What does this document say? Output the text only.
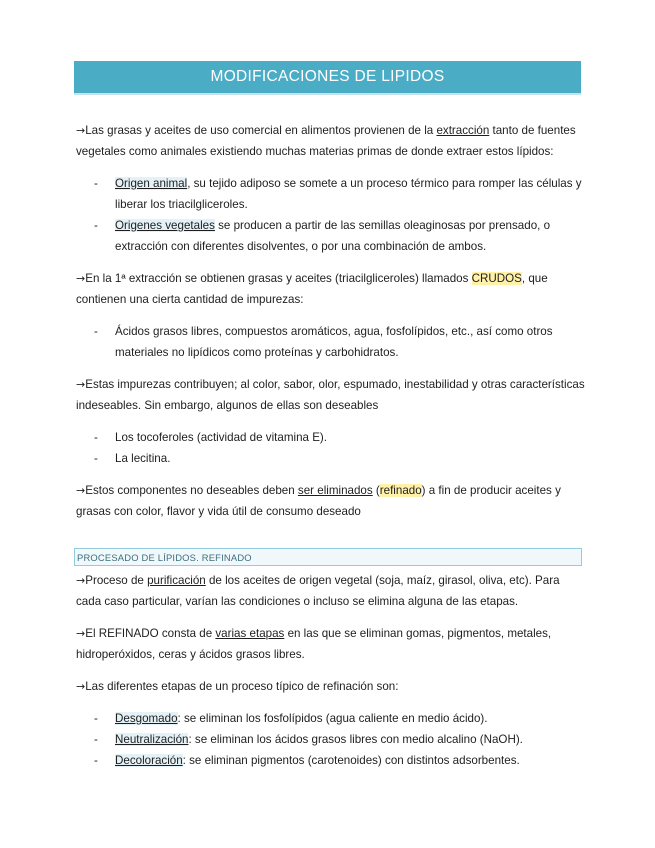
MODIFICACIONES DE LIPIDOS

→Las grasas y aceites de uso comercial en alimentos provienen de la extracción tanto de fuentes vegetales como animales existiendo muchas materias primas de donde extraer estos lípidos:

- Origen animal, su tejido adiposo se somete a un proceso térmico para romper las células y liberar los triacilgliceroles.
- Origenes vegetales se producen a partir de las semillas oleaginosas por prensado, o extracción con diferentes disolventes, o por una combinación de ambos.

→En la 1ª extracción se obtienen grasas y aceites (triacilgliceroles) llamados CRUDOS, que contienen una cierta cantidad de impurezas:

- Ácidos grasos libres, compuestos aromáticos, agua, fosfolípidos, etc., así como otros materiales no lipídicos como proteínas y carbohidratos.

→Estas impurezas contribuyen; al color, sabor, olor, espumado, inestabilidad y otras características indeseables. Sin embargo, algunos de ellas son deseables

- Los tocoferoles (actividad de vitamina E).
- La lecitina.

→Estos componentes no deseables deben ser eliminados (refinado) a fin de producir aceites y grasas con color, flavor y vida útil de consumo deseado

PROCESADO DE LÍPIDOS. REFINADO

→Proceso de purificación de los aceites de origen vegetal (soja, maíz, girasol, oliva, etc). Para cada caso particular, varían las condiciones o incluso se elimina alguna de las etapas.

→El REFINADO consta de varias etapas en las que se eliminan gomas, pigmentos, metales, hidroperóxidos, ceras y ácidos grasos libres.

→Las diferentes etapas de un proceso típico de refinación son:

- Desgomado: se eliminan los fosfolípidos (agua caliente en medio ácido).
- Neutralización: se eliminan los ácidos grasos libres con medio alcalino (NaOH).
- Decoloración: se eliminan pigmentos (carotenoides) con distintos adsorbentes.
